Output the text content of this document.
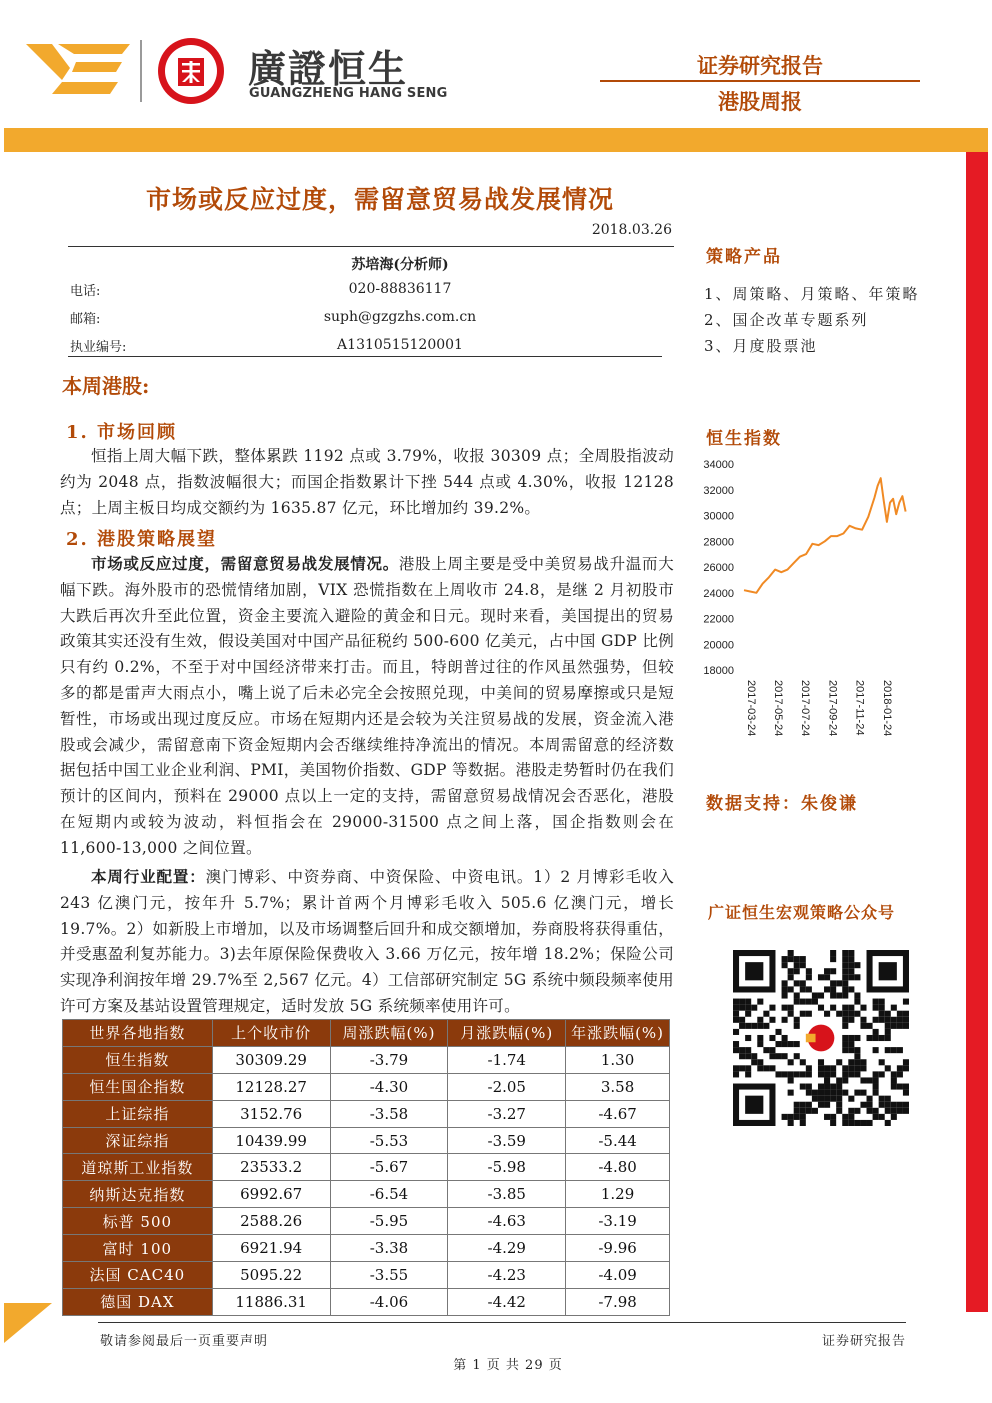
廣證恒生
GUANGZHENG HANG SENG
证券研究报告
港股周报
市场或反应过度，需留意贸易战发展情况
2018.03.26
苏培海(分析师)
电话:	020-88836117
邮箱:	suph@gzgzhs.com.cn
执业编号:	A1310515120001
本周港股:
1. 市场回顾
恒指上周大幅下跌，整体累跌 1192 点或 3.79%，收报 30309 点；全周股指波动约为 2048 点，指数波幅很大；而国企指数累计下挫 544 点或 4.30%，收报 12128 点；上周主板日均成交额约为 1635.87 亿元，环比增加约 39.2%。
2. 港股策略展望
市场或反应过度，需留意贸易战发展情况。港股上周主要是受中美贸易战升温而大幅下跌。海外股市的恐慌情绪加剧，VIX 恐慌指数在上周收市 24.8，是继 2 月初股市大跌后再次升至此位置，资金主要流入避险的黄金和日元。现时来看，美国提出的贸易政策其实还没有生效，假设美国对中国产品征税约 500-600 亿美元，占中国 GDP 比例只有约 0.2%，不至于对中国经济带来打击。而且，特朗普过往的作风虽然强势，但较多的都是雷声大雨点小，嘴上说了后未必完全会按照兑现，中美间的贸易摩擦或只是短暂性，市场或出现过度反应。市场在短期内还是会较为关注贸易战的发展，资金流入港股或会减少，需留意南下资金短期内会否继续维持净流出的情况。本周需留意的经济数据包括中国工业企业利润、PMI，美国物价指数、GDP 等数据。港股走势暂时仍在我们预计的区间内，预料在 29000 点以上一定的支持，需留意贸易战情况会否恶化，港股在短期内或较为波动，料恒指会在 29000-31500 点之间上落，国企指数则会在 11,600-13,000 之间位置。
本周行业配置：澳门博彩、中资券商、中资保险、中资电讯。1）2 月博彩毛收入 243 亿澳门元，按年升 5.7%；累计首两个月博彩毛收入 505.6 亿澳门元，增长 19.7%。2）如新股上市增加，以及市场调整后回升和成交额增加，券商股将获得重估，并受惠盈利复苏能力。3)去年原保险保费收入 3.66 万亿元，按年增 18.2%；保险公司实现净利润按年增 29.7%至 2,567 亿元。4）工信部研究制定 5G 系统中频段频率使用许可方案及基站设置管理规定，适时发放 5G 系统频率使用许可。
世界各地指数	上个收市价	周涨跌幅(%)	月涨跌幅(%)	年涨跌幅(%)
恒生指数	30309.29	-3.79	-1.74	1.30
恒生国企指数	12128.27	-4.30	-2.05	3.58
上证综指	3152.76	-3.58	-3.27	-4.67
深证综指	10439.99	-5.53	-3.59	-5.44
道琼斯工业指数	23533.2	-5.67	-5.98	-4.80
纳斯达克指数	6992.67	-6.54	-3.85	1.29
标普 500	2588.26	-5.95	-4.63	-3.19
富时 100	6921.94	-3.38	-4.29	-9.96
法国 CAC40	5095.22	-3.55	-4.23	-4.09
德国 DAX	11886.31	-4.06	-4.42	-7.98
策略产品
1、周策略、月策略、年策略
2、国企改革专题系列
3、月度股票池
恒生指数
18000
20000
22000
24000
26000
28000
30000
32000
34000
2017-03-24 2017-05-24 2017-07-24 2017-09-24 2017-11-24 2018-01-24
数据支持：朱俊谦
广证恒生宏观策略公众号
敬请参阅最后一页重要声明	证券研究报告
第 1 页 共 29 页
